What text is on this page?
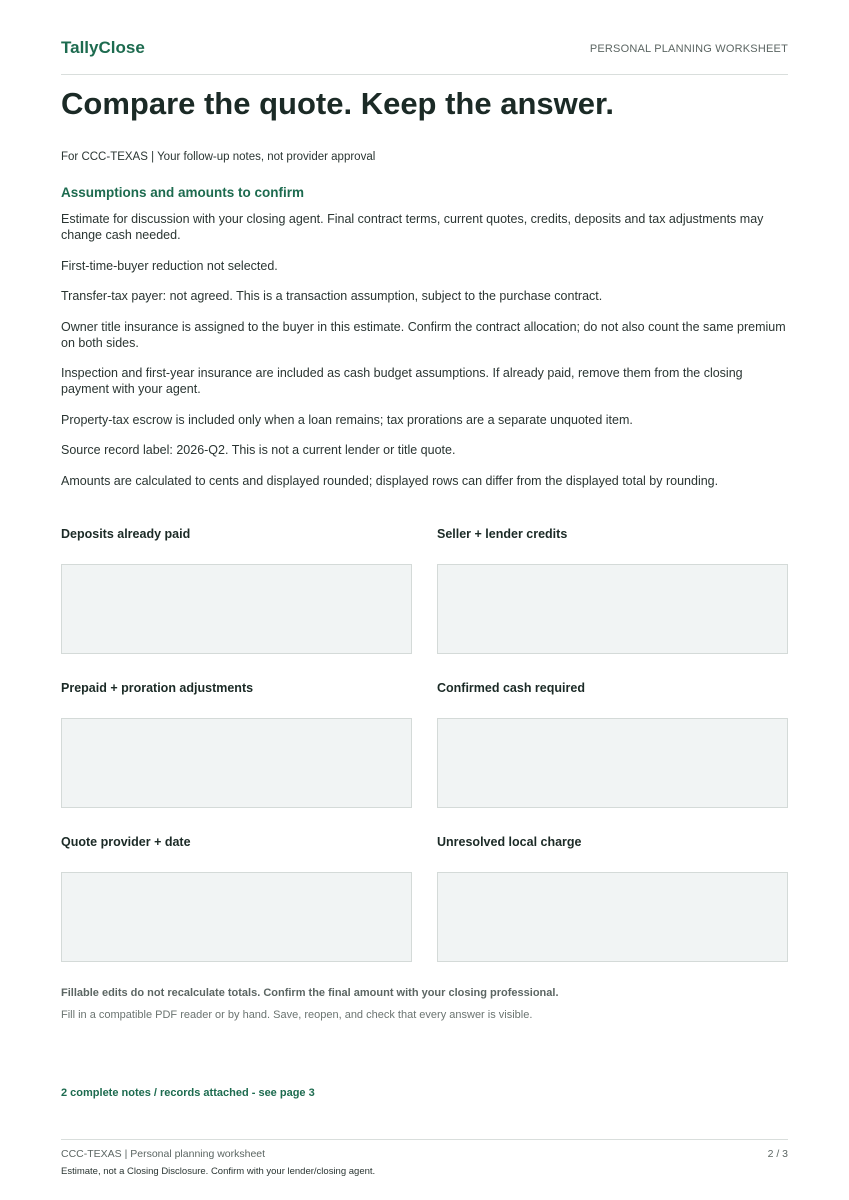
TallyClose	PERSONAL PLANNING WORKSHEET
Compare the quote. Keep the answer.
For CCC-TEXAS | Your follow-up notes, not provider approval
Assumptions and amounts to confirm

Estimate for discussion with your closing agent. Final contract terms, current quotes, credits, deposits and tax adjustments may change cash needed.

First-time-buyer reduction not selected.

Transfer-tax payer: not agreed. This is a transaction assumption, subject to the purchase contract.

Owner title insurance is assigned to the buyer in this estimate. Confirm the contract allocation; do not also count the same premium on both sides.

Inspection and first-year insurance are included as cash budget assumptions. If already paid, remove them from the closing payment with your agent.

Property-tax escrow is included only when a loan remains; tax prorations are a separate unquoted item.

Source record label: 2026-Q2. This is not a current lender or title quote.

Amounts are calculated to cents and displayed rounded; displayed rows can differ from the displayed total by rounding.

Deposits already paid	Seller + lender credits
Prepaid + proration adjustments	Confirmed cash required
Quote provider + date	Unresolved local charge
Fillable edits do not recalculate totals. Confirm the final amount with your closing professional.
Fill in a compatible PDF reader or by hand. Save, reopen, and check that every answer is visible.
2 complete notes / records attached - see page 3
CCC-TEXAS | Personal planning worksheet	2 / 3
Estimate, not a Closing Disclosure. Confirm with your lender/closing agent.
